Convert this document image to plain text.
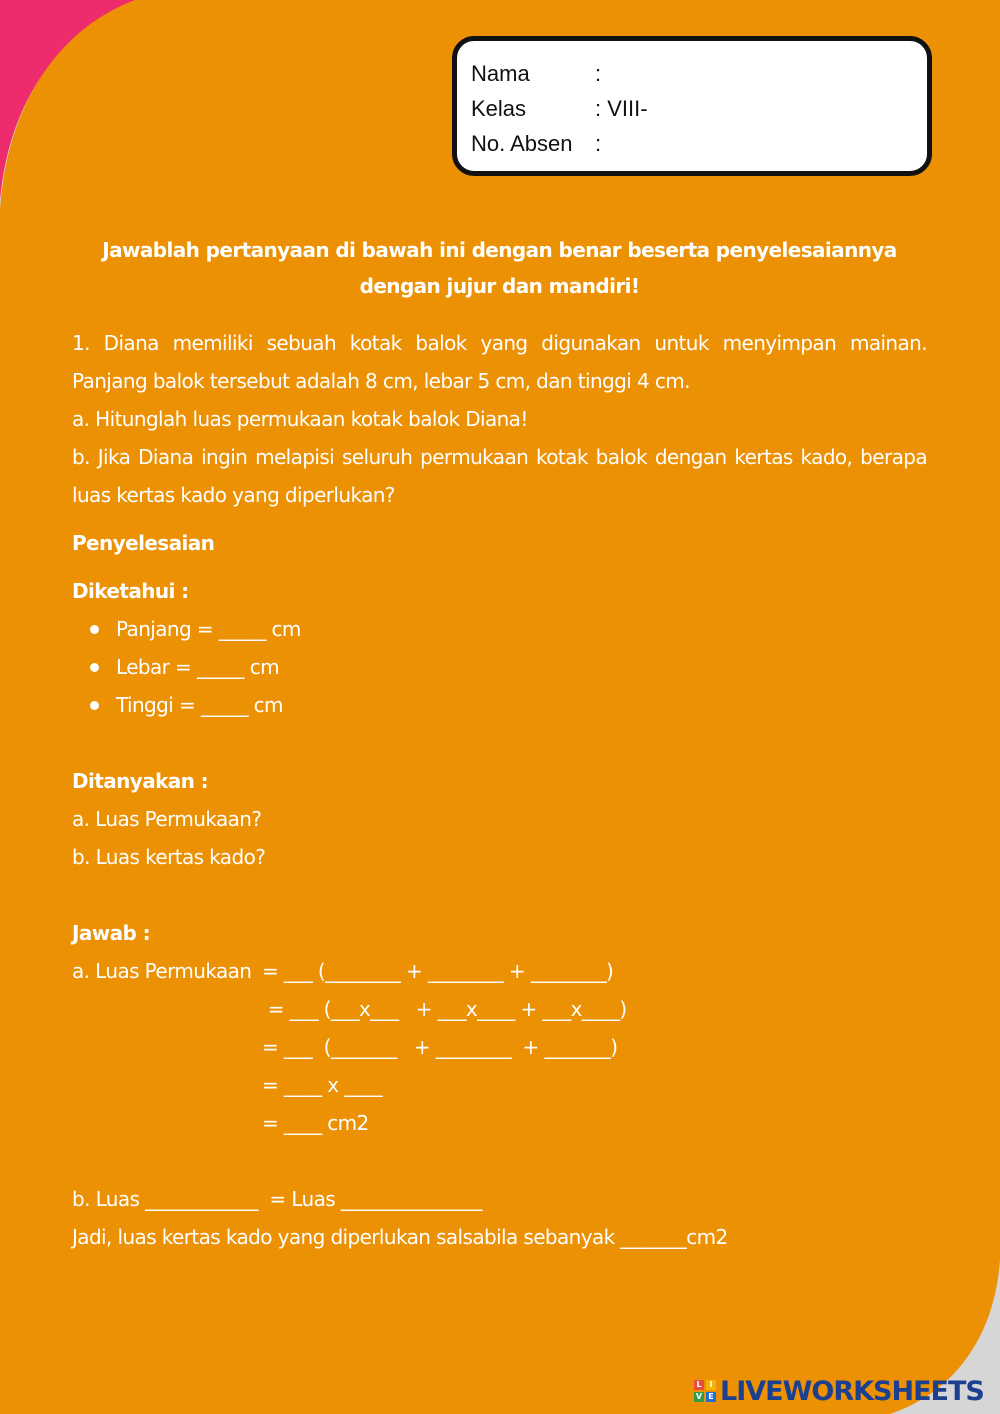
Nama	:
Kelas	: VIII-
No. Absen :

Jawablah pertanyaan di bawah ini dengan benar beserta penyelesaiannya dengan jujur dan mandiri!

1. Diana memiliki sebuah kotak balok yang digunakan untuk menyimpan mainan. Panjang balok tersebut adalah 8 cm, lebar 5 cm, dan tinggi 4 cm.

a. Hitunglah luas permukaan kotak balok Diana!

b. Jika Diana ingin melapisi seluruh permukaan kotak balok dengan kertas kado, berapa luas kertas kado yang diperlukan?

Penyelesaian

Diketahui :

Panjang = _____ cm
Lebar = _____ cm
Tinggi = _____ cm

Ditanyakan :

a. Luas Permukaan?

b. Luas kertas kado?

Jawab :

a. Luas Permukaan

= ___ (________ + ________ + ________)

= ___ (___x___   + ___x____ + ___x____)

= ___  (_______   + ________  + _______)

= ____ x ____

= ____ cm2

b. Luas ____________  = Luas _______________

Jadi, luas kertas kado yang diperlukan salsabila sebanyak _______cm2

L I
V E LIVEWORKSHEETS
